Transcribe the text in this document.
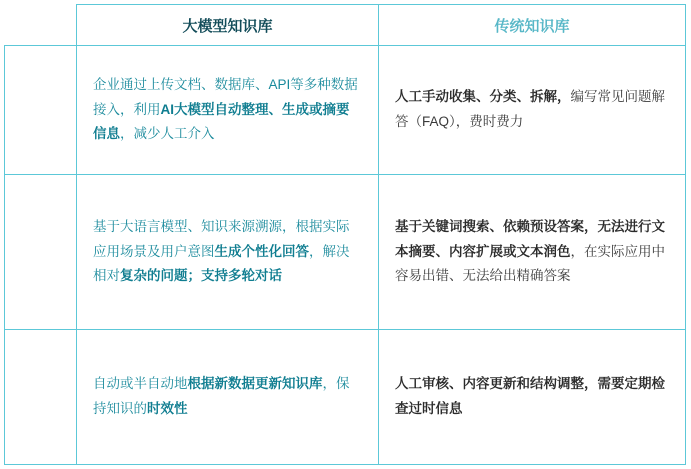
	大模型知识库	传统知识库

搭
建
过
程	企业通过上传文档、数据库、API等多种数据接入，利用AI大模型自动整理、生成或摘要信息，减少人工介入	人工手动收集、分类、拆解，编写常见问题解答（FAQ），费时费力

使
用
体
验	基于大语言模型、知识来源溯源，根据实际应用场景及用户意图生成个性化回答，解决相对复杂的问题；支持多轮对话	基于关键词搜索、依赖预设答案，无法进行文本摘要、内容扩展或文本润色，在实际应用中容易出错、无法给出精确答案

后
期
维
护	自动或半自动地根据新数据更新知识库，保持知识的时效性	人工审核、内容更新和结构调整，需要定期检查过时信息
